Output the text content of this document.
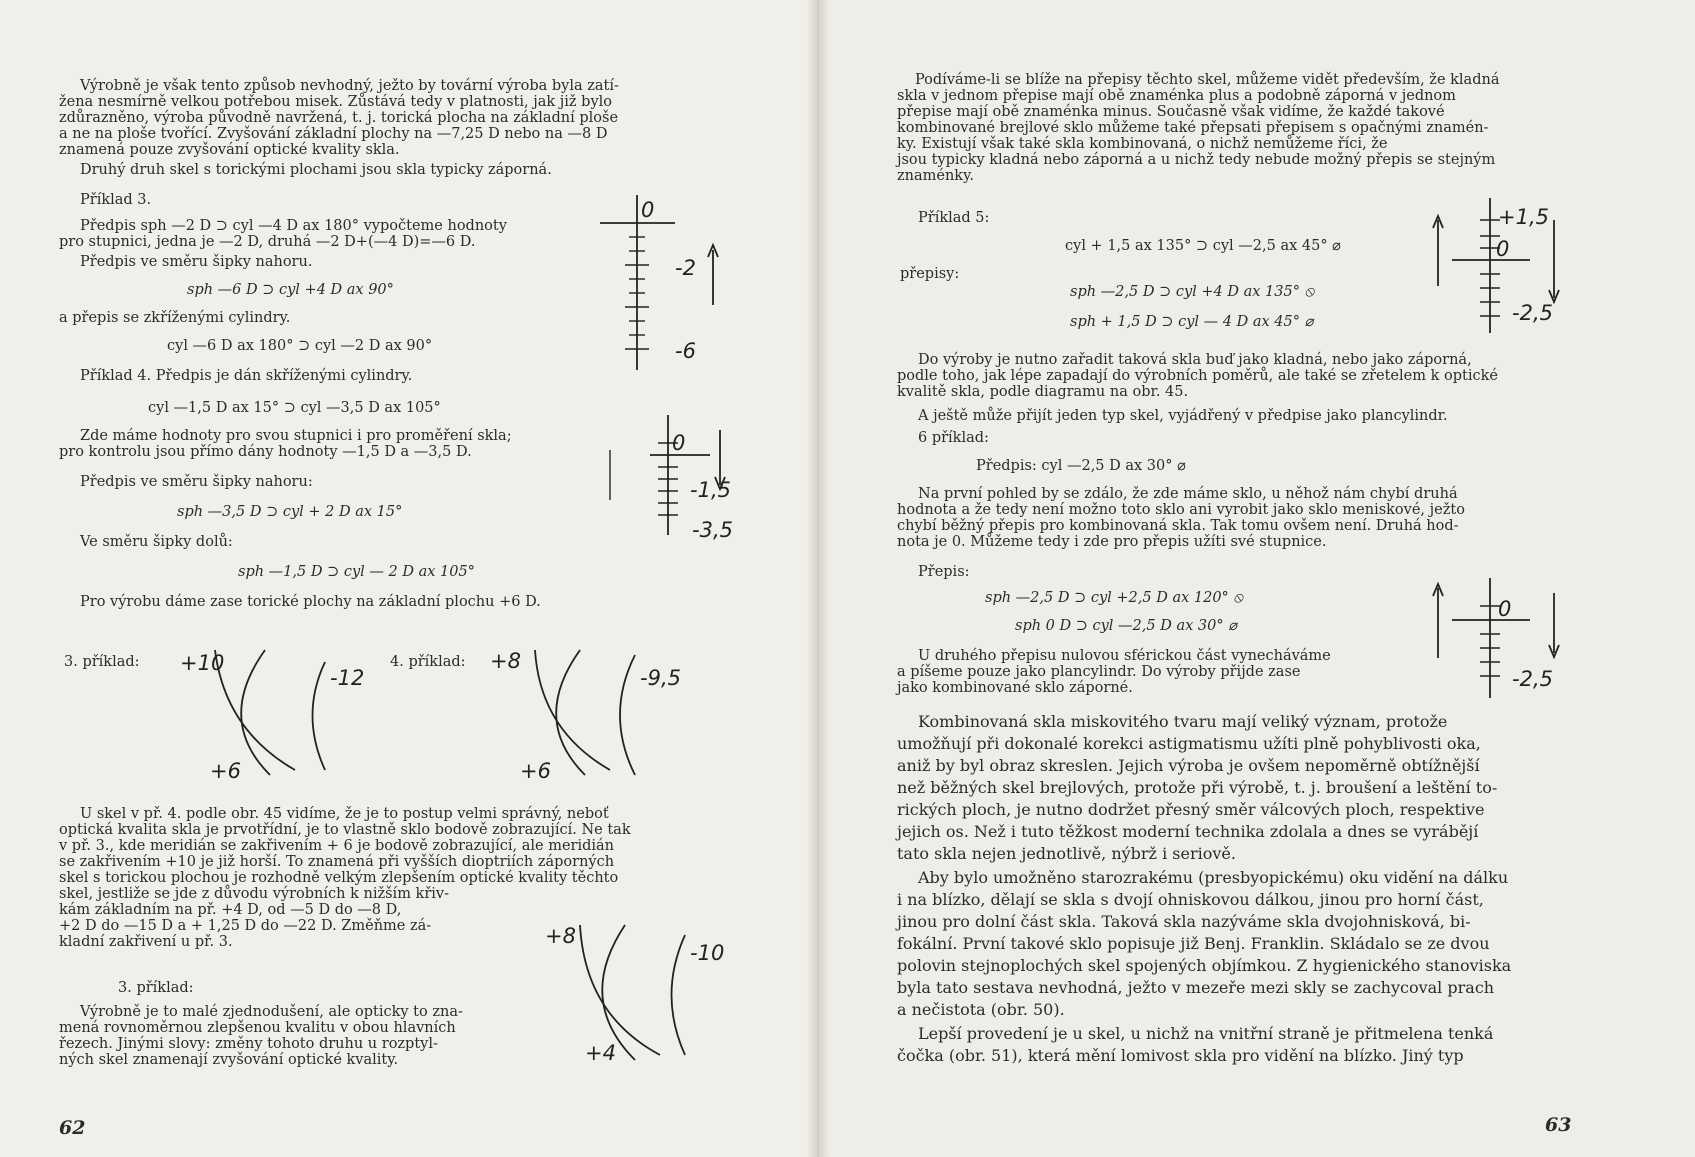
Výrobně je však tento způsob nevhodný, ježto by tovární výroba byla zatí-

žena nesmírně velkou potřebou misek. Zůstává tedy v platnosti, jak již bylo

zdůrazněno, výroba původně navržená, t. j. torická plocha na základní ploše

a ne na ploše tvořící. Zvyšování základní plochy na —7,25 D nebo na —8 D

znamená pouze zvyšování optické kvality skla.

Druhý druh skel s torickými plochami jsou skla typicky záporná.

Příklad 3.

Předpis sph —2 D ⊃ cyl —4 D ax 180° vypočteme hodnoty

pro stupnici, jedna je —2 D, druhá —2 D+(—4 D)=—6 D.

Předpis ve směru šipky nahoru.

sph —6 D ⊃ cyl +4 D ax 90°

a přepis se zkříženými cylindry.

cyl —6 D ax 180° ⊃ cyl —2 D ax 90°

Příklad 4. Předpis je dán skříženými cylindry.

cyl —1,5 D ax 15° ⊃ cyl —3,5 D ax 105°

Zde máme hodnoty pro svou stupnici i pro proměření skla;

pro kontrolu jsou přímo dány hodnoty —1,5 D a —3,5 D.

Předpis ve směru šipky nahoru:

sph —3,5 D ⊃ cyl + 2 D ax 15°

Ve směru šipky dolů:

sph —1,5 D ⊃ cyl — 2 D ax 105°

Pro výrobu dáme zase torické plochy na základní plochu +6 D.

0
-2
-6
0
-1,5
-3,5

3. příklad:	4. příklad:

+10
-12
+6
+8
-9,5
+6

U skel v př. 4. podle obr. 45 vidíme, že je to postup velmi správný, neboť

optická kvalita skla je prvotřídní, je to vlastně sklo bodově zobrazující. Ne tak

v př. 3., kde meridián se zakřivením + 6 je bodově zobrazující, ale meridián

se zakřivením +10 je již horší. To znamená při vyšších dioptriích záporných

skel s torickou plochou je rozhodně velkým zlepšením optické kvality těchto

skel, jestliže se jde z důvodu výrobních k nižším křiv-

kám základním na př. +4 D, od —5 D do —8 D,

+2 D do —15 D a + 1,25 D do —22 D. Změňme zá-

kladní zakřivení u př. 3.

3. příklad:

Výrobně je to malé zjednodušení, ale opticky to zna-

mená rovnoměrnou zlepšenou kvalitu v obou hlavních

řezech. Jinými slovy: změny tohoto druhu u rozptyl-

ných skel znamenají zvyšování optické kvality.

+8
-10
+4

62

Podíváme-li se blíže na přepisy těchto skel, můžeme vidět především, že kladná

skla v jednom přepise mají obě znaménka plus a podobně záporná v jednom

přepise mají obě znaménka minus. Současně však vidíme, že každé takové

kombinované brejlové sklo můžeme také přepsati přepisem s opačnými znamén-

ky. Existují však také skla kombinovaná, o nichž nemůžeme říci, že

jsou typicky kladná nebo záporná a u nichž tedy nebude možný přepis se stejným

znaménky.

Příklad 5:

cyl + 1,5 ax 135° ⊃ cyl —2,5 ax 45° ⌀

přepisy:

sph —2,5 D ⊃ cyl +4 D ax 135° ⦸

sph + 1,5 D ⊃ cyl — 4 D ax 45° ⌀

+1,5
0
-2,5

Do výroby je nutno zařadit taková skla buď jako kladná, nebo jako záporná,

podle toho, jak lépe zapadají do výrobních poměrů, ale také se zřetelem k optické

kvalitě skla, podle diagramu na obr. 45.

A ještě může přijít jeden typ skel, vyjádřený v předpise jako plancylindr.

6 příklad:

Předpis: cyl —2,5 D ax 30° ⌀

Na první pohled by se zdálo, že zde máme sklo, u něhož nám chybí druhá

hodnota a že tedy není možno toto sklo ani vyrobit jako sklo meniskové, ježto

chybí běžný přepis pro kombinovaná skla. Tak tomu ovšem není. Druhá hod-

nota je 0. Můžeme tedy i zde pro přepis užíti své stupnice.

Přepis:

sph —2,5 D ⊃ cyl +2,5 D ax 120° ⦸

sph 0 D ⊃ cyl —2,5 D ax 30° ⌀

U druhého přepisu nulovou sférickou část vynecháváme

a píšeme pouze jako plancylindr. Do výroby přijde zase

jako kombinované sklo záporné.

0
-2,5

Kombinovaná skla miskovitého tvaru mají veliký význam, protože

umožňují při dokonalé korekci astigmatismu užíti plně pohyblivosti oka,

aniž by byl obraz skreslen. Jejich výroba je ovšem nepoměrně obtížnější

než běžných skel brejlových, protože při výrobě, t. j. broušení a leštění to-

rických ploch, je nutno dodržet přesný směr válcových ploch, respektive

jejich os. Než i tuto těžkost moderní technika zdolala a dnes se vyrábějí

tato skla nejen jednotlivě, nýbrž i seriově.

Aby bylo umožněno starozrakému (presbyopickému) oku vidění na dálku

i na blízko, dělají se skla s dvojí ohniskovou dálkou, jinou pro horní část,

jinou pro dolní část skla. Taková skla nazýváme skla dvojohnisková, bi-

fokální. První takové sklo popisuje již Benj. Franklin. Skládalo se ze dvou

polovin stejnoplochých skel spojených objímkou. Z hygienického stanoviska

byla tato sestava nevhodná, ježto v mezeře mezi skly se zachycoval prach

a nečistota (obr. 50).

Lepší provedení je u skel, u nichž na vnitřní straně je přitmelena tenká

čočka (obr. 51), která mění lomivost skla pro vidění na blízko. Jiný typ

63
